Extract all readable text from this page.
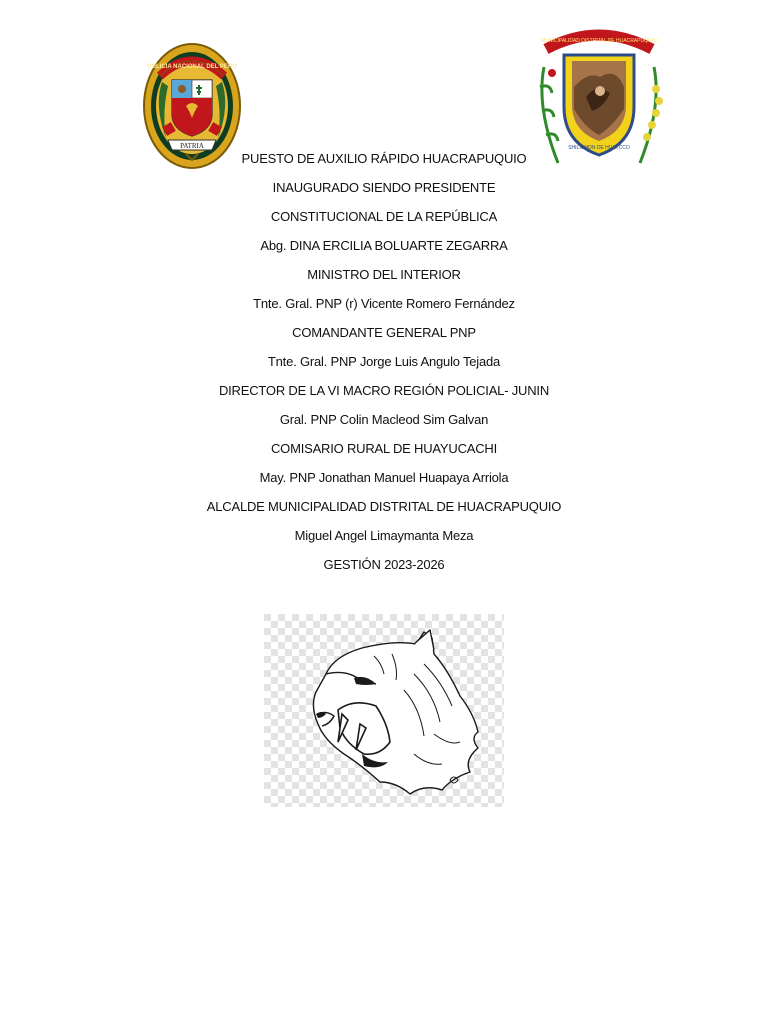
POLICIA NACIONAL DEL PERU
PATRIA
MUNICIPALIDAD DISTRITAL DE HUACRAPUQUIO
SHILICHON DE HUAYCCO
PUESTO DE AUXILIO RÁPIDO HUACRAPUQUIO
INAUGURADO SIENDO PRESIDENTE
CONSTITUCIONAL DE LA REPÚBLICA
Abg. DINA ERCILIA BOLUARTE ZEGARRA
MINISTRO DEL INTERIOR
Tnte. Gral. PNP (r) Vicente Romero Fernández
COMANDANTE GENERAL PNP
Tnte. Gral. PNP Jorge Luis Angulo Tejada
DIRECTOR DE LA VI MACRO REGIÓN POLICIAL- JUNIN
Gral. PNP Colin Macleod Sim Galvan
COMISARIO RURAL DE HUAYUCACHI
May. PNP Jonathan Manuel Huapaya Arriola
ALCALDE MUNICIPALIDAD DISTRITAL DE HUACRAPUQUIO
Miguel Angel Limaymanta Meza
GESTIÓN 2023-2026
